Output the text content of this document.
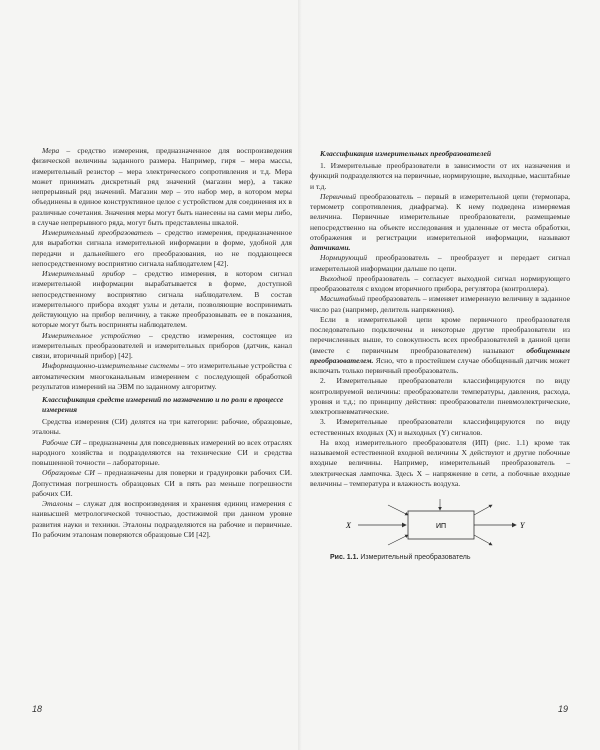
Мера – средство измерения, предназначенное для воспроизведения физической величины заданного размера. Например, гиря – мера массы, измерительный резистор – мера электрического сопротивления и т.д. Мера может принимать дискретный ряд значений (магазин мер), а также непрерывный ряд значений. Магазин мер – это набор мер, в котором меры объединены в единое конструктивное целое с устройством для соединения их в различные сочетания. Значения меры могут быть нанесены на сами меры либо, в случае непрерывного ряда, могут быть представлены шкалой.

Измерительный преобразователь – средство измерения, предназначенное для выработки сигнала измерительной информации в форме, удобной для передачи и дальнейшего его преобразования, но не поддающееся непосредственному восприятию сигнала наблюдателем [42].

Измерительный прибор – средство измерения, в котором сигнал измерительной информации вырабатывается в форме, доступной непосредственному восприятию сигнала наблюдателем. В состав измерительного прибора входят узлы и детали, позволяющие воспринимать действующую на прибор величину, а также преобразовывать ее в показания, которые могут быть восприняты наблюдателем.

Измерительное устройство – средство измерения, состоящее из измерительных преобразователей и измерительных приборов (датчик, канал связи, вторичный прибор) [42].

Информационно-измерительные системы – это измерительные устройства с автоматическим многоканальным измерением с последующей обработкой результатов измерений на ЭВМ по заданному алгоритму.

Классификация средств измерений по назначению и по роли в процессе измерения

Средства измерения (СИ) делятся на три категории: рабочие, образцовые, эталоны.

Рабочие СИ – предназначены для повседневных измерений во всех отраслях народного хозяйства и подразделяются на технические СИ и средства повышенной точности – лабораторные.

Образцовые СИ – предназначены для поверки и градуировки рабочих СИ. Допустимая погрешность образцовых СИ в пять раз меньше погрешности рабочих СИ.

Эталоны – служат для воспроизведения и хранения единиц измерения с наивысшей метрологической точностью, достижимой при данном уровне развития науки и техники. Эталоны подразделяются на рабочие и первичные. По рабочим эталонам поверяются образцовые СИ [42].

18
Классификация измерительных преобразователей

1. Измерительные преобразователи в зависимости от их назначения и функций подразделяются на первичные, нормирующие, выходные, масштабные и т.д.

Первичный преобразователь – первый в измерительной цепи (термопара, термометр сопротивления, диафрагма). К нему подведена измеряемая величина. Первичные измерительные преобразователи, размещаемые непосредственно на объекте исследования и удаленные от места обработки, отображения и регистрации измерительной информации, называют датчиками.

Нормирующий преобразователь – преобразует и передает сигнал измерительной информации дальше по цепи.

Выходной преобразователь – согласует выходной сигнал нормирующего преобразователя с входом вторичного прибора, регулятора (контроллера).

Масштабный преобразователь – изменяет измеренную величину в заданное число раз (например, делитель напряжения).

Если в измерительной цепи кроме первичного преобразователя последовательно подключены и некоторые другие преобразователи из перечисленных выше, то совокупность всех преобразователей в данной цепи (вместе с первичным преобразователем) называют обобщенным преобразователем. Ясно, что в простейшем случае обобщенный датчик может включать только первичный преобразователь.

2. Измерительные преобразователи классифицируются по виду контролируемой величины: преобразователи температуры, давления, расхода, уровня и т.д.; по принципу действия: преобразователи пневмоэлектрические, электропневматические.

3. Измерительные преобразователи классифицируются по виду естественных входных (X) и выходных (Y) сигналов.

На вход измерительного преобразователя (ИП) (рис. 1.1) кроме так называемой естественной входной величины X действуют и другие побочные входные величины. Например, измерительный преобразователь – электрическая лампочка. Здесь X – напряжение в сети, а побочные входные величины – температура и влажность воздуха.

X	ИП	Y

Рис. 1.1. Измерительный преобразователь

19
